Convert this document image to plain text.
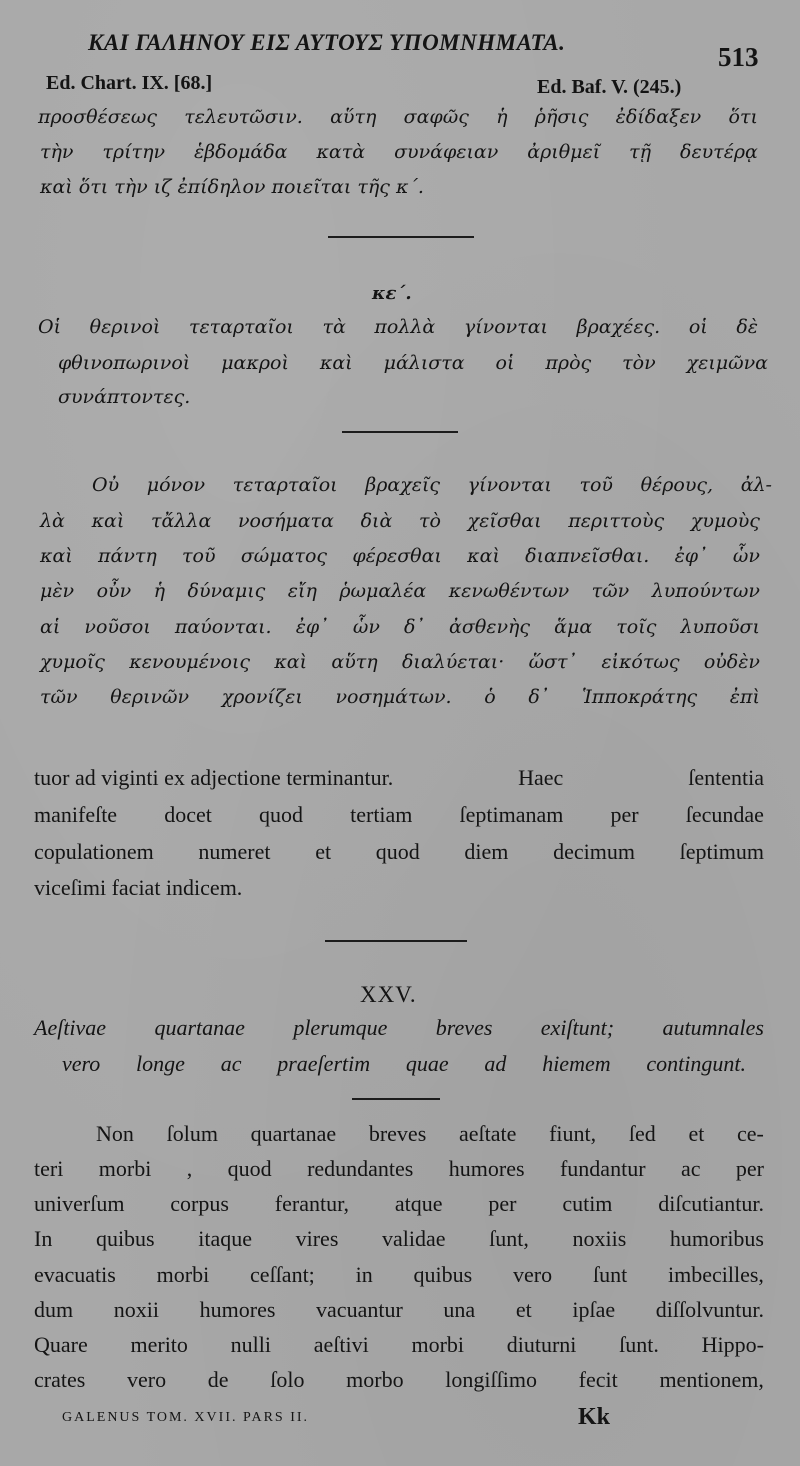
ΚΑΙ ΓΑΛΗΝΟΥ ΕΙΣ ΑΥΤΟΥΣ ΥΠΟΜΝΗΜΑΤΑ.	513
Ed. Chart. IX. [68.]	Ed. Baf. V. (245.)
προσθέσεως τελευτῶσιν. αὕτη σαφῶς ἡ ῥῆσις ἐδίδαξεν ὅτι
τὴν τρίτην ἑβδομάδα κατὰ συνάφειαν ἀριθμεῖ τῇ δευτέρᾳ
καὶ ὅτι τὴν ιζ ἐπίδηλον ποιεῖται τῆς κ΄.
κε΄.
Οἱ θερινοὶ τεταρταῖοι τὰ πολλὰ γίνονται βραχέες. οἱ δὲ
φθινοπωρινοὶ μακροὶ καὶ μάλιστα οἱ πρὸς τὸν χειμῶνα
συνάπτοντες.
Οὐ μόνον τεταρταῖοι βραχεῖς γίνονται τοῦ θέρους, ἀλ-
λὰ καὶ τἄλλα νοσήματα διὰ τὸ χεῖσθαι περιττοὺς χυμοὺς
καὶ πάντη τοῦ σώματος φέρεσθαι καὶ διαπνεῖσθαι. ἐφ᾽ ὧν
μὲν οὖν ἡ δύναμις εἴη ῥωμαλέα κενωθέντων τῶν λυπούντων
αἱ νοῦσοι παύονται. ἐφ᾽ ὧν δ᾽ ἀσθενὴς ἅμα τοῖς λυποῦσι
χυμοῖς κενουμένοις καὶ αὕτη διαλύεται· ὥστ᾽ εἰκότως οὐδὲν
τῶν θερινῶν χρονίζει νοσημάτων. ὁ δ᾽ Ἱπποκράτης ἐπὶ
tuor ad viginti ex adjectione terminantur.	Haec	ſententia
manifeſte docet quod tertiam ſeptimanam per ſecundae
copulationem numeret et quod diem decimum ſeptimum
viceſimi faciat indicem.
XXV.
Aeſtivae quartanae plerumque breves exiſtunt; autumnales
vero longe ac praeſertim quae ad hiemem contingunt.
Non ſolum quartanae breves aeſtate fiunt, ſed et ce-
teri morbi , quod redundantes humores fundantur ac per
univerſum corpus ferantur, atque per cutim diſcutiantur.
In quibus itaque vires validae ſunt, noxiis humoribus
evacuatis morbi ceſſant; in quibus vero ſunt imbecilles,
dum noxii humores vacuantur una et ipſae diſſolvuntur.
Quare merito nulli aeſtivi morbi diuturni ſunt. Hippo-
crates vero de ſolo morbo longiſſimo fecit mentionem,
GALENUS TOM. XVII. PARS II.	Kk
